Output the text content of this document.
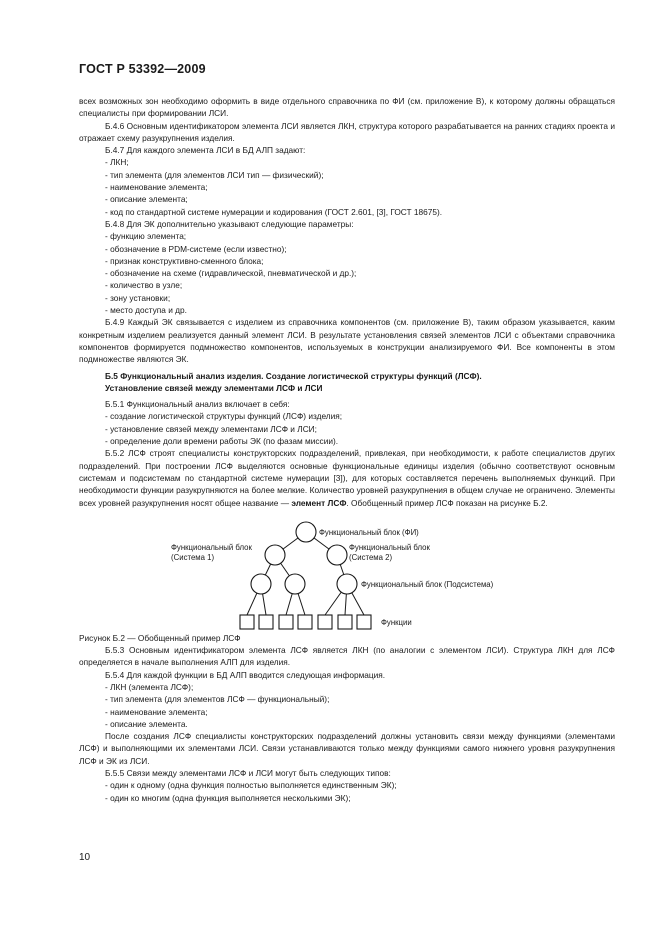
ГОСТ Р 53392—2009

всех возможных зон необходимо оформить в виде отдельного справочника по ФИ (см. приложение В), к которому должны обращаться специалисты при формировании ЛСИ.

Б.4.6 Основным идентификатором элемента ЛСИ является ЛКН, структура которого разрабатывается на ранних стадиях проекта и отражает схему разукрупнения изделия.

Б.4.7 Для каждого элемента ЛСИ в БД АЛП задают:

- ЛКН;

- тип элемента (для элементов ЛСИ тип — физический);

- наименование элемента;

- описание элемента;

- код по стандартной системе нумерации и кодирования (ГОСТ 2.601, [3], ГОСТ 18675).

Б.4.8 Для ЭК дополнительно указывают следующие параметры:

- функцию элемента;

- обозначение в PDM-системе (если известно);

- признак конструктивно-сменного блока;

- обозначение на схеме (гидравлической, пневматической и др.);

- количество в узле;

- зону установки;

- место доступа и др.

Б.4.9 Каждый ЭК связывается с изделием из справочника компонентов (см. приложение В), таким образом указывается, каким конкретным изделием реализуется данный элемент ЛСИ. В результате установления связей элементов ЛСИ с объектами справочника компонентов формируется подмножество компонентов, используемых в конструкции анализируемого ФИ. Все компоненты в этом подмножестве являются ЭК.

Б.5 Функциональный анализ изделия. Создание логистической структуры функций (ЛСФ).

Установление связей между элементами ЛСФ и ЛСИ

Б.5.1 Функциональный анализ включает в себя:

- создание логистической структуры функций (ЛСФ) изделия;

- установление связей между элементами ЛСФ и ЛСИ;

- определение доли времени работы ЭК (по фазам миссии).

Б.5.2 ЛСФ строят специалисты конструкторских подразделений, привлекая, при необходимости, к работе специалистов других подразделений. При построении ЛСФ выделяются основные функциональные единицы изделия (обычно соответствуют основным системам и подсистемам по стандартной системе нумерации [3]), для которых составляется перечень выполняемых функций. При необходимости функции разукрупняются на более мелкие. Количество уровней разукрупнения в общем случае не ограничено. Элементы всех уровней разукрупнения носят общее название — элемент ЛСФ. Обобщенный пример ЛСФ показан на рисунке Б.2.

Функциональный блок (ФИ)
Функциональный блок
(Система 1)
Функциональный блок
(Система 2)
Функциональный блок (Подсистема)
Функции

Рисунок Б.2 — Обобщенный пример ЛСФ

Б.5.3 Основным идентификатором элемента ЛСФ является ЛКН (по аналогии с элементом ЛСИ). Структура ЛКН для ЛСФ определяется в начале выполнения АЛП для изделия.

Б.5.4 Для каждой функции в БД АЛП вводится следующая информация.

- ЛКН (элемента ЛСФ);

- тип элемента (для элементов ЛСФ — функциональный);

- наименование элемента;

- описание элемента.

После создания ЛСФ специалисты конструкторских подразделений должны установить связи между функциями (элементами ЛСФ) и выполняющими их элементами ЛСИ. Связи устанавливаются только между функциями самого нижнего уровня разукрупнения ЛСФ и ЭК из ЛСИ.

Б.5.5 Связи между элементами ЛСФ и ЛСИ могут быть следующих типов:

- один к одному (одна функция полностью выполняется единственным ЭК);

- один ко многим (одна функция выполняется несколькими ЭК);

10
